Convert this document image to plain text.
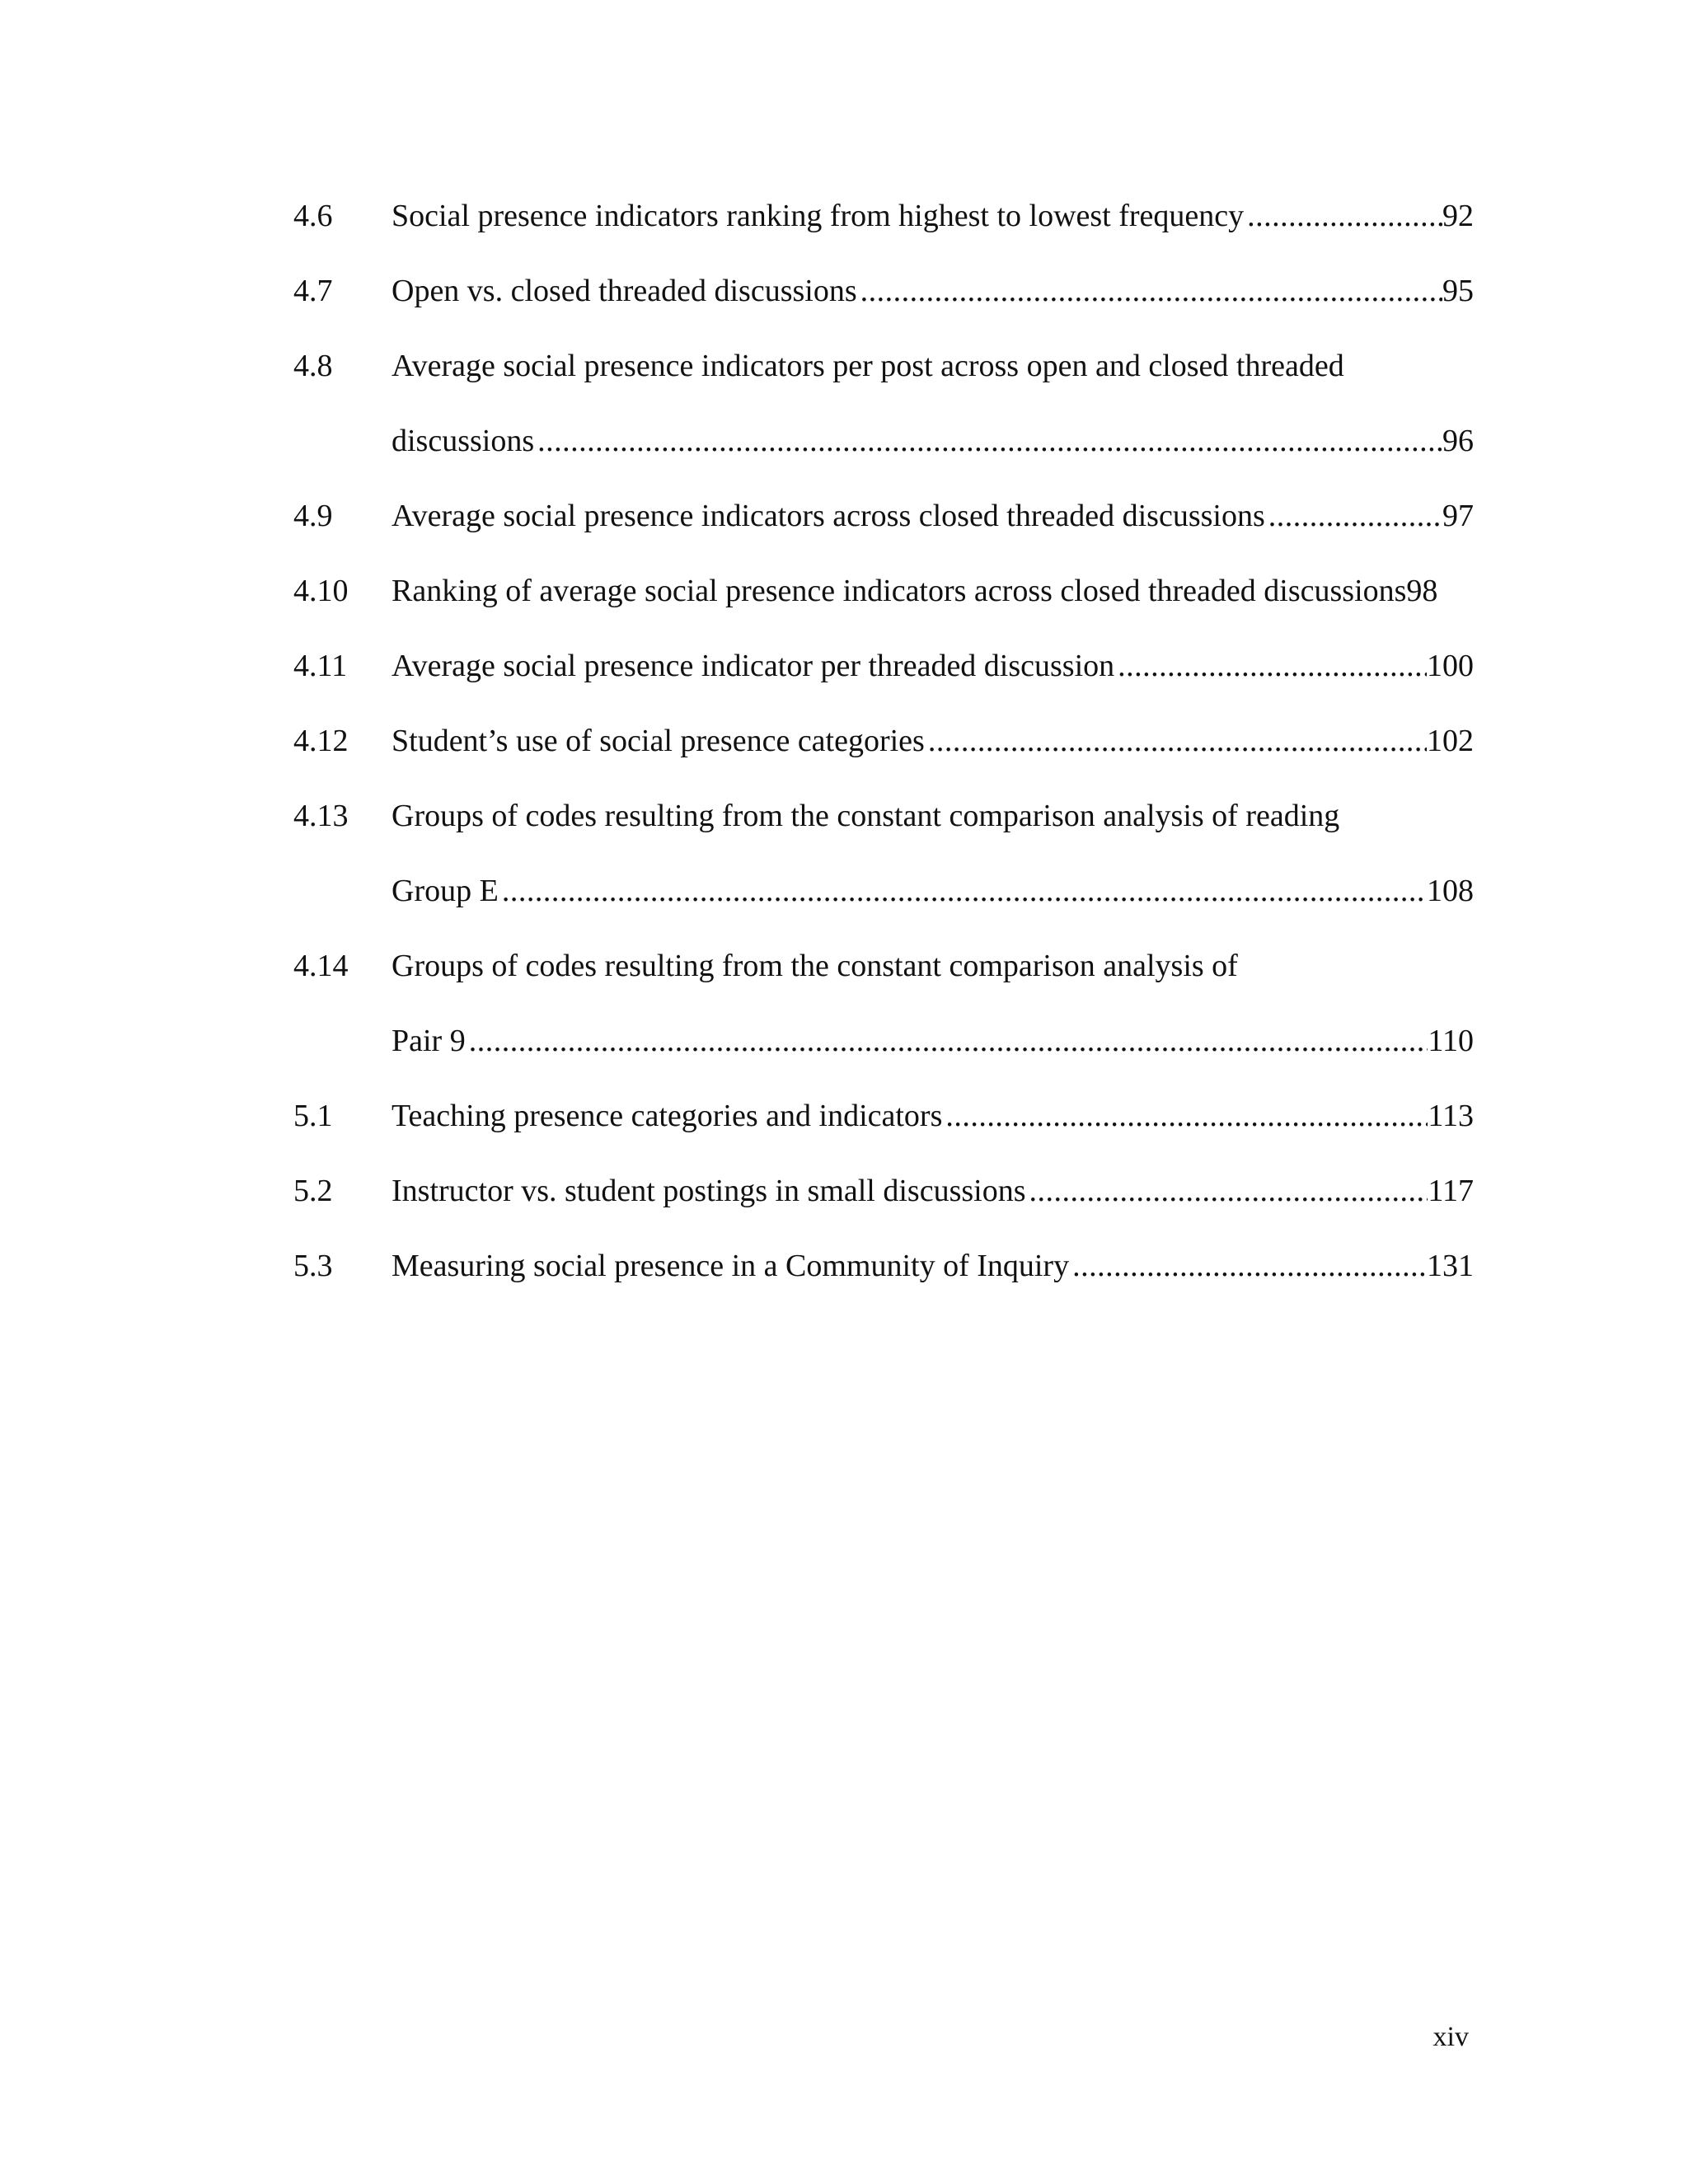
4.6 Social presence indicators ranking from highest to lowest frequency .....	92
4.7 Open vs. closed threaded discussions .....	95
4.8 Average social presence indicators per post across open and closed threaded
discussions .....	96
4.9 Average social presence indicators across closed threaded discussions .....	97
4.10 Ranking of average social presence indicators across closed threaded discussions 98
4.11 Average social presence indicator per threaded discussion .....	100
4.12 Student’s use of social presence categories .....	102
4.13 Groups of codes resulting from the constant comparison analysis of reading
Group E .....	108
4.14 Groups of codes resulting from the constant comparison analysis of
Pair 9 .....	110
5.1 Teaching presence categories and indicators .....	113
5.2 Instructor vs. student postings in small discussions .....	117
5.3 Measuring social presence in a Community of Inquiry .....	131
xiv
